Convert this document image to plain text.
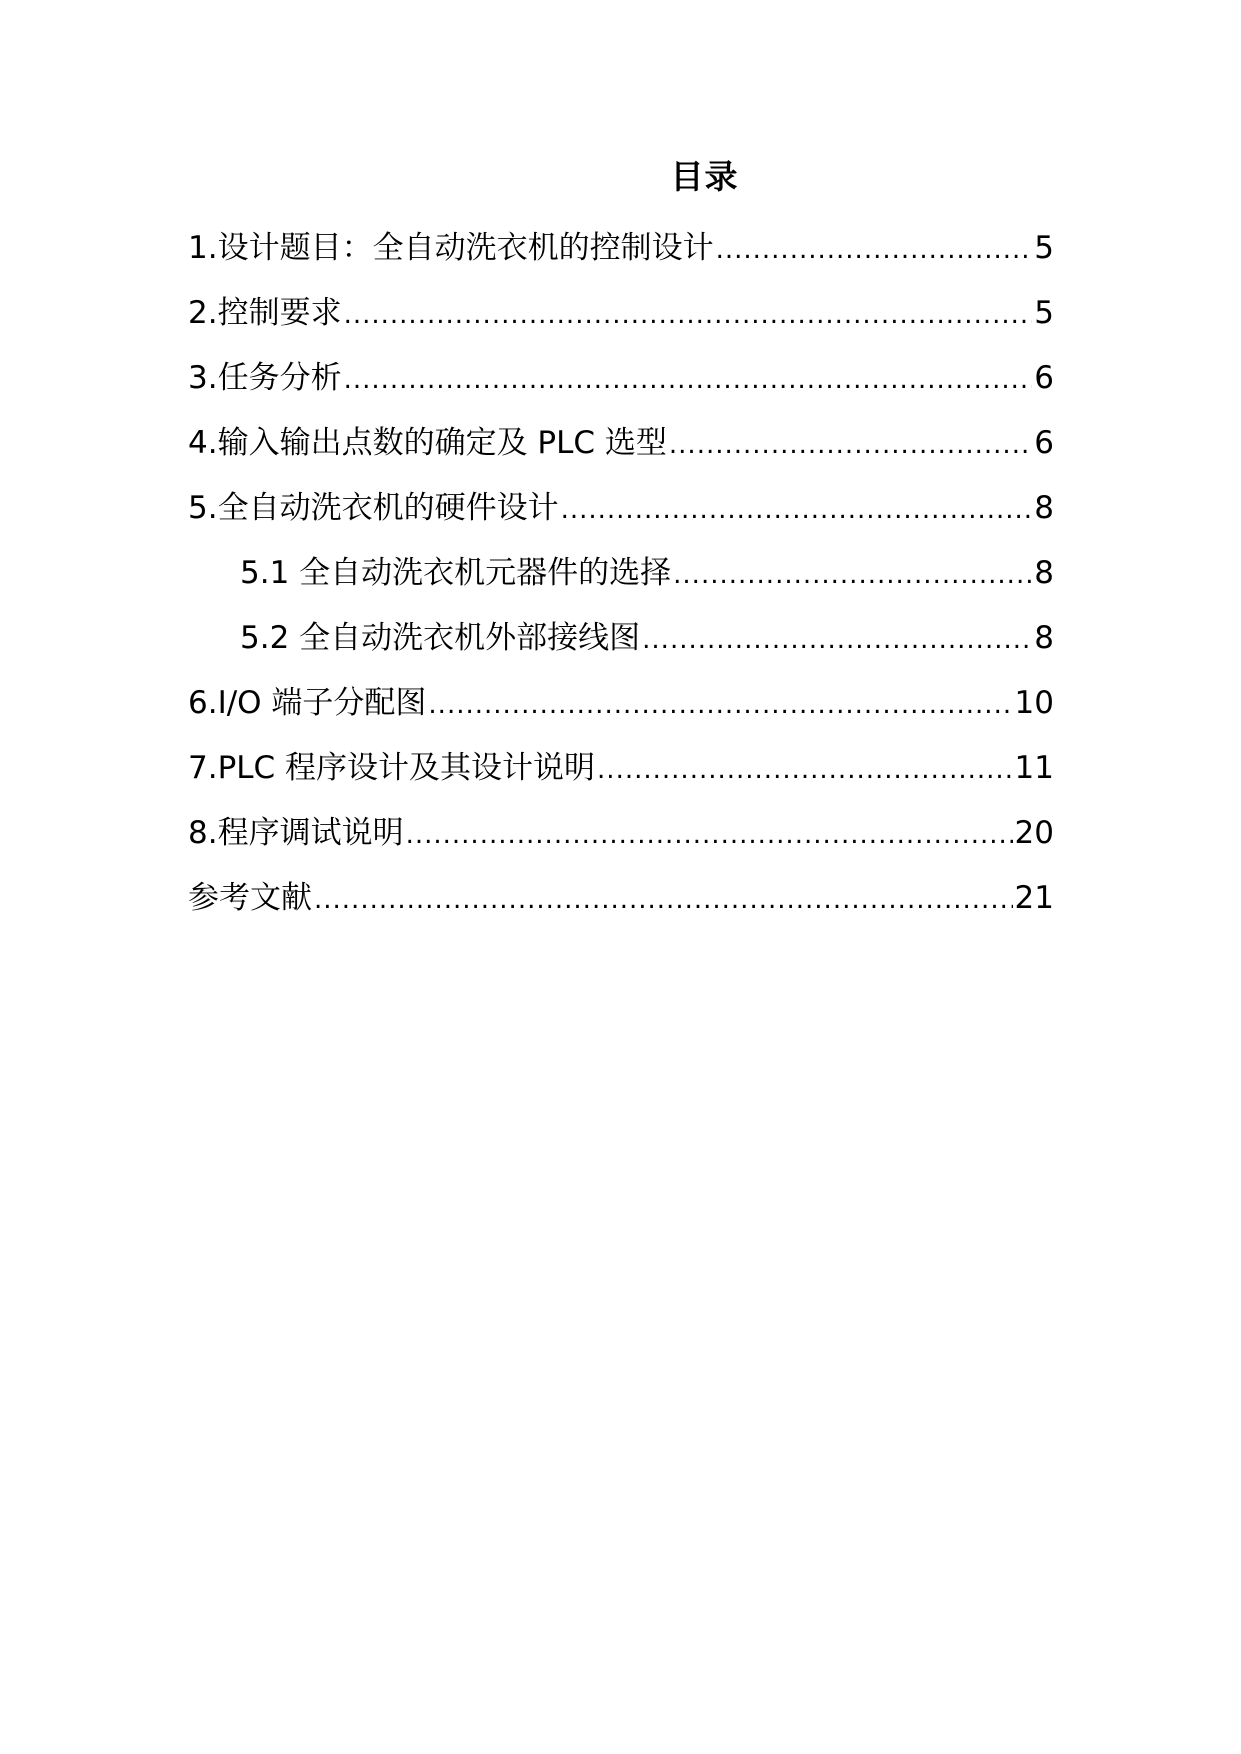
目录
1.设计题目：全自动洗衣机的控制设计 .....	5
2.控制要求 .....	5
3.任务分析 .....	6
4.输入输出点数的确定及 PLC 选型 .....	6
5.全自动洗衣机的硬件设计 .....	8
5.1 全自动洗衣机元器件的选择 .....	8
5.2 全自动洗衣机外部接线图 .....	8
6.I/O 端子分配图 .....	10
7.PLC 程序设计及其设计说明 .....	11
8.程序调试说明 .....	20
参考文献 .....	21
